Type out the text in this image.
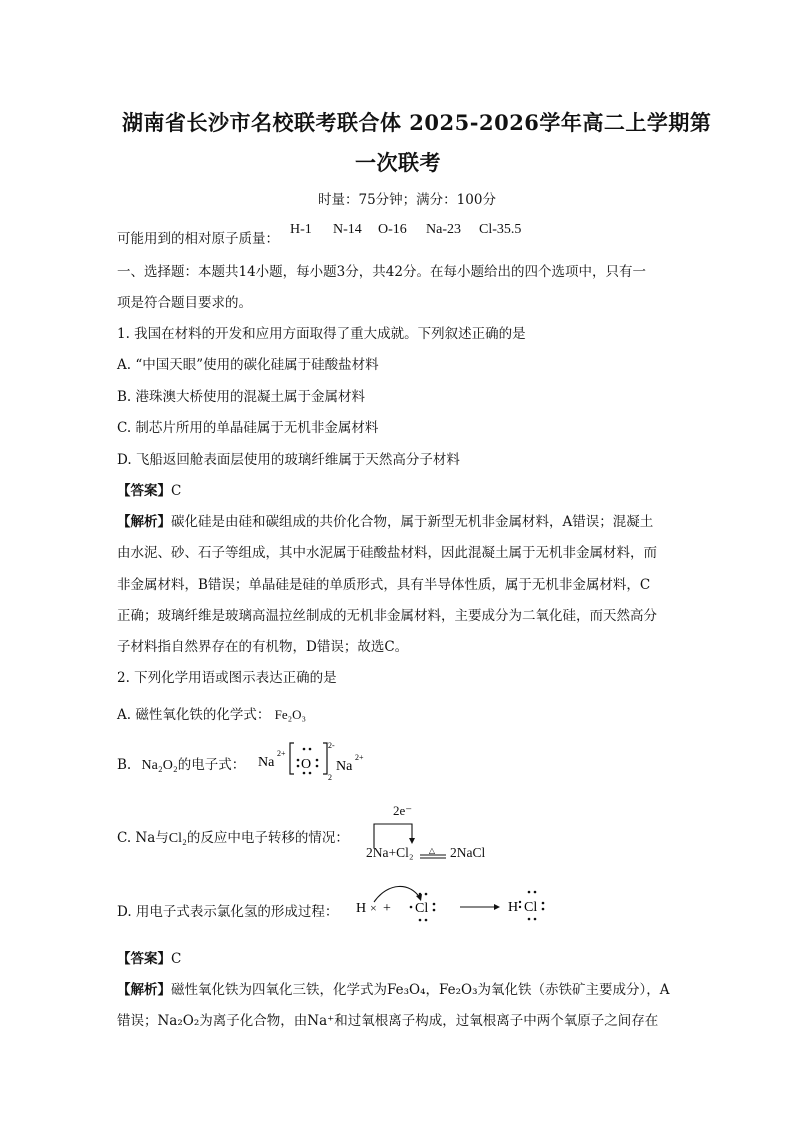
湖南省长沙市名校联考联合体 2025-2026学年高二上学期第
一次联考
时量：75分钟；满分：100分
可能用到的相对原子质量：
H-1 N-14 O-16 Na-23 Cl-35.5
一、选择题：本题共14小题，每小题3分，共42分。在每小题给出的四个选项中，只有一
项是符合题目要求的。
1. 我国在材料的开发和应用方面取得了重大成就。下列叙述正确的是
A. “中国天眼”使用的碳化硅属于硅酸盐材料
B. 港珠澳大桥使用的混凝土属于金属材料
C. 制芯片所用的单晶硅属于无机非金属材料
D. 飞船返回舱表面层使用的玻璃纤维属于天然高分子材料
【答案】C
【解析】碳化硅是由硅和碳组成的共价化合物，属于新型无机非金属材料，A错误；混凝土
由水泥、砂、石子等组成，其中水泥属于硅酸盐材料，因此混凝土属于无机非金属材料，而
非金属材料，B错误；单晶硅是硅的单质形式，具有半导体性质，属于无机非金属材料，C
正确；玻璃纤维是玻璃高温拉丝制成的无机非金属材料，主要成分为二氧化硅，而天然高分
子材料指自然界存在的有机物，D错误；故选C。
2. 下列化学用语或图示表达正确的是
A. 磁性氧化铁的化学式： Fe₂O₃
B. Na₂O₂的电子式： Na
2+
O
2-
2
Na
2+
C. Na与Cl₂的反应中电子转移的情况：
△
2e⁻
2Na+Cl₂	2NaCl
D. 用电子式表示氯化氢的形成过程： H × + Cl	H Cl
【答案】C
【解析】磁性氧化铁为四氧化三铁，化学式为Fe₃O₄，Fe₂O₃为氧化铁（赤铁矿主要成分），A
错误；Na₂O₂为离子化合物，由Na⁺和过氧根离子构成，过氧根离子中两个氧原子之间存在
